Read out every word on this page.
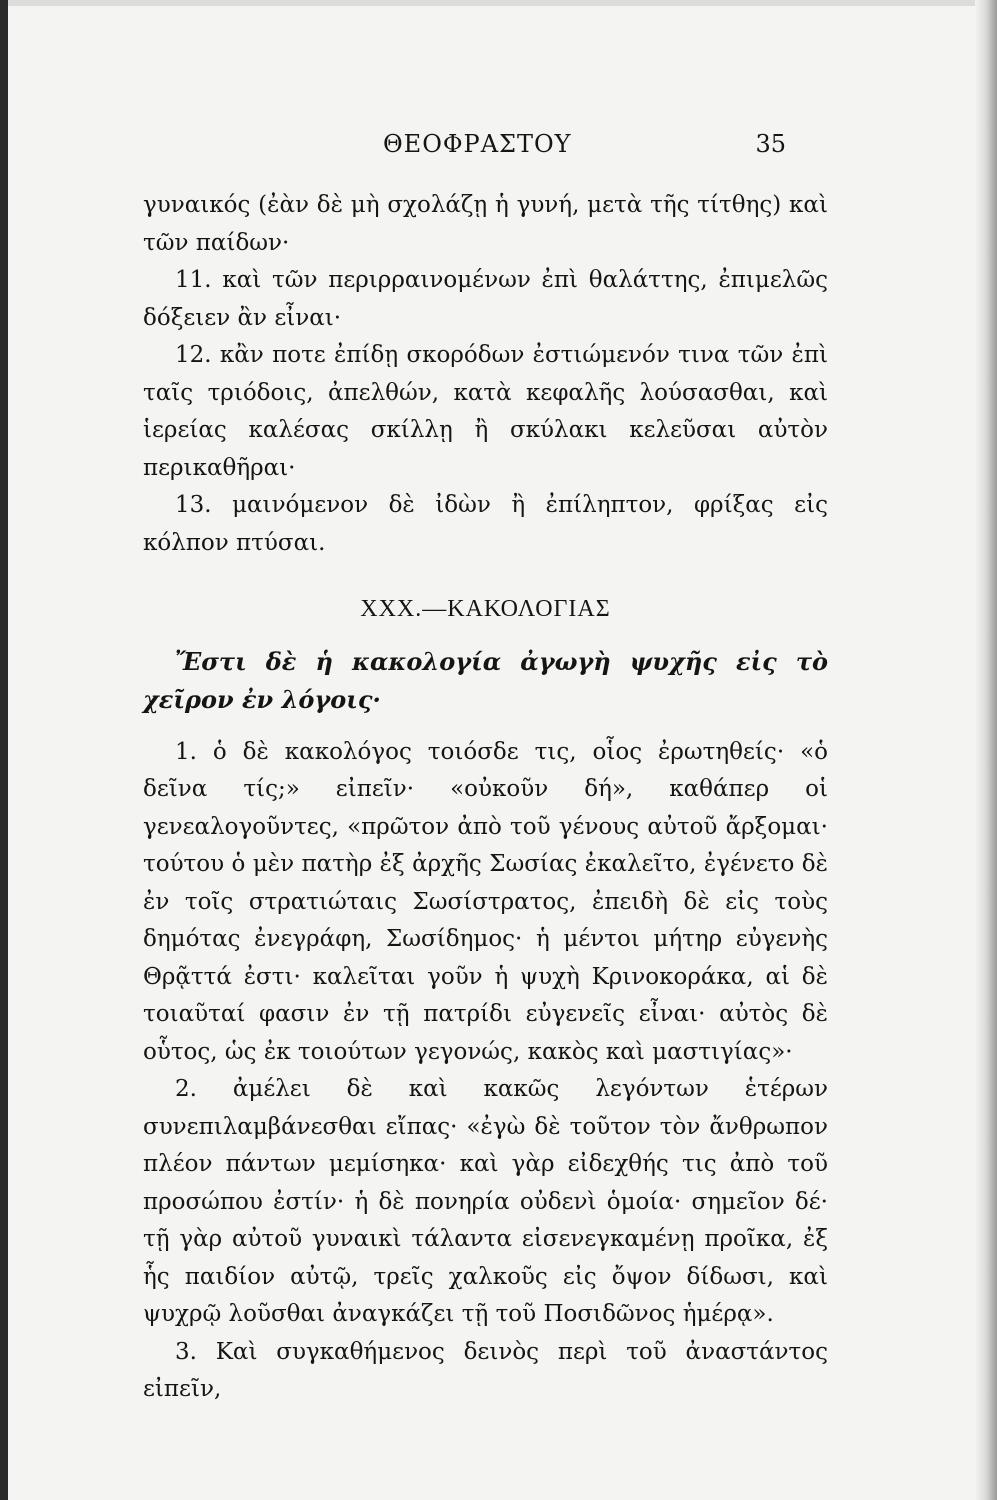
ΘΕΟΦΡΑΣΤΟΥ	35

γυναικός (ἐὰν δὲ μὴ σχολάζῃ ἡ γυνή, μετὰ τῆς τίτθης) καὶ τῶν παίδων·

11. καὶ τῶν περιρραινομένων ἐπὶ θαλάττης, ἐπιμελῶς δόξειεν ἂν εἶναι·

12. κἂν ποτε ἐπίδῃ σκορόδων ἐστιώμενόν τινα τῶν ἐπὶ ταῖς τριόδοις, ἀπελθών, κατὰ κεφαλῆς λούσασθαι, καὶ ἱερείας καλέσας σκίλλῃ ἢ σκύλακι κελεῦσαι αὐτὸν περικαθῆραι·

13. μαινόμενον δὲ ἰδὼν ἢ ἐπίληπτον, φρίξας εἰς κόλπον πτύσαι.

XXX.—ΚΑΚΟΛΟΓΙΑΣ

Ἔστι δὲ ἡ κακολογία ἀγωγὴ ψυχῆς εἰς τὸ χεῖρον ἐν λόγοις·

1. ὁ δὲ κακολόγος τοιόσδε τις, οἷος ἐρωτηθείς· «ὁ δεῖνα τίς;» εἰπεῖν· «οὐκοῦν δή», καθάπερ οἱ γενεαλογοῦντες, «πρῶτον ἀπὸ τοῦ γένους αὐτοῦ ἄρξομαι· τούτου ὁ μὲν πατὴρ ἐξ ἀρχῆς Σωσίας ἐκαλεῖτο, ἐγένετο δὲ ἐν τοῖς στρατιώταις Σωσίστρατος, ἐπειδὴ δὲ εἰς τοὺς δημότας ἐνεγράφη, Σωσίδημος· ἡ μέντοι μήτηρ εὐγενὴς Θρᾷττά ἐστι· καλεῖται γοῦν ἡ ψυχὴ Κρινοκοράκα, αἱ δὲ τοιαῦταί φασιν ἐν τῇ πατρίδι εὐγενεῖς εἶναι· αὐτὸς δὲ οὗτος, ὡς ἐκ τοιούτων γεγονώς, κακὸς καὶ μαστιγίας»·

2. ἀμέλει δὲ καὶ κακῶς λεγόντων ἑτέρων συνεπιλαμβάνεσθαι εἴπας· «ἐγὼ δὲ τοῦτον τὸν ἄνθρωπον πλέον πάντων μεμίσηκα· καὶ γὰρ εἰδεχθής τις ἀπὸ τοῦ προσώπου ἐστίν· ἡ δὲ πονηρία οὐδενὶ ὁμοία· σημεῖον δέ· τῇ γὰρ αὐτοῦ γυναικὶ τάλαντα εἰσενεγκαμένῃ προῖκα, ἐξ ἧς παιδίον αὐτῷ, τρεῖς χαλκοῦς εἰς ὄψον δίδωσι, καὶ ψυχρῷ λοῦσθαι ἀναγκάζει τῇ τοῦ Ποσιδῶνος ἡμέρᾳ».

3. Καὶ συγκαθήμενος δεινὸς περὶ τοῦ ἀναστάντος εἰπεῖν,
